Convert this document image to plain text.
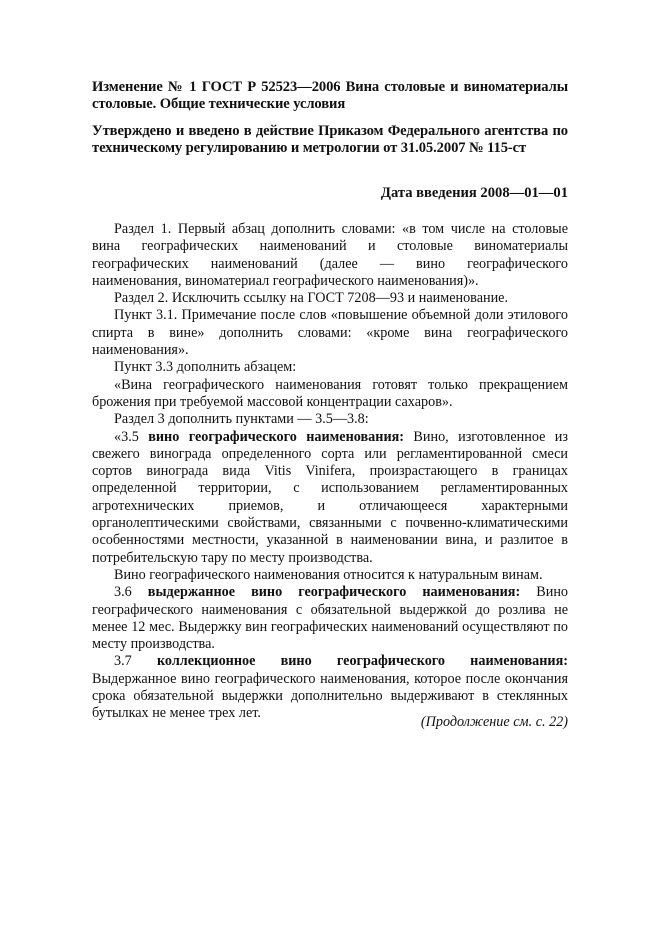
Изменение № 1 ГОСТ Р 52523—2006 Вина столовые и виноматериалы столовые. Общие технические условия

Утверждено и введено в действие Приказом Федерального агентства по техническому регулированию и метрологии от 31.05.2007 № 115-ст

Дата введения 2008—01—01

Раздел 1. Первый абзац дополнить словами: «в том числе на столовые вина географических наименований и столовые виноматериалы географических наименований (далее — вино географического наименования, виноматериал географического наименования)».

Раздел 2. Исключить ссылку на ГОСТ 7208—93 и наименование.

Пункт 3.1. Примечание после слов «повышение объемной доли этилового спирта в вине» дополнить словами: «кроме вина географического наименования».

Пункт 3.3 дополнить абзацем:

«Вина географического наименования готовят только прекращением брожения при требуемой массовой концентрации сахаров».

Раздел 3 дополнить пунктами — 3.5—3.8:

«3.5 вино географического наименования: Вино, изготовленное из свежего винограда определенного сорта или регламентированной смеси сортов винограда вида Vitis Vinifera, произрастающего в границах определенной территории, с использованием регламентированных агротехнических приемов, и отличающееся характерными органолептическими свойствами, связанными с почвенно-климатическими особенностями местности, указанной в наименовании вина, и разлитое в потребительскую тару по месту производства.

Вино географического наименования относится к натуральным винам.

3.6 выдержанное вино географического наименования: Вино географического наименования с обязательной выдержкой до розлива не менее 12 мес. Выдержку вин географических наименований осуществляют по месту производства.

3.7 коллекционное вино географического наименования: Выдержанное вино географического наименования, которое после окончания срока обязательной выдержки дополнительно выдерживают в стеклянных бутылках не менее трех лет.

(Продолжение см. с. 22)
